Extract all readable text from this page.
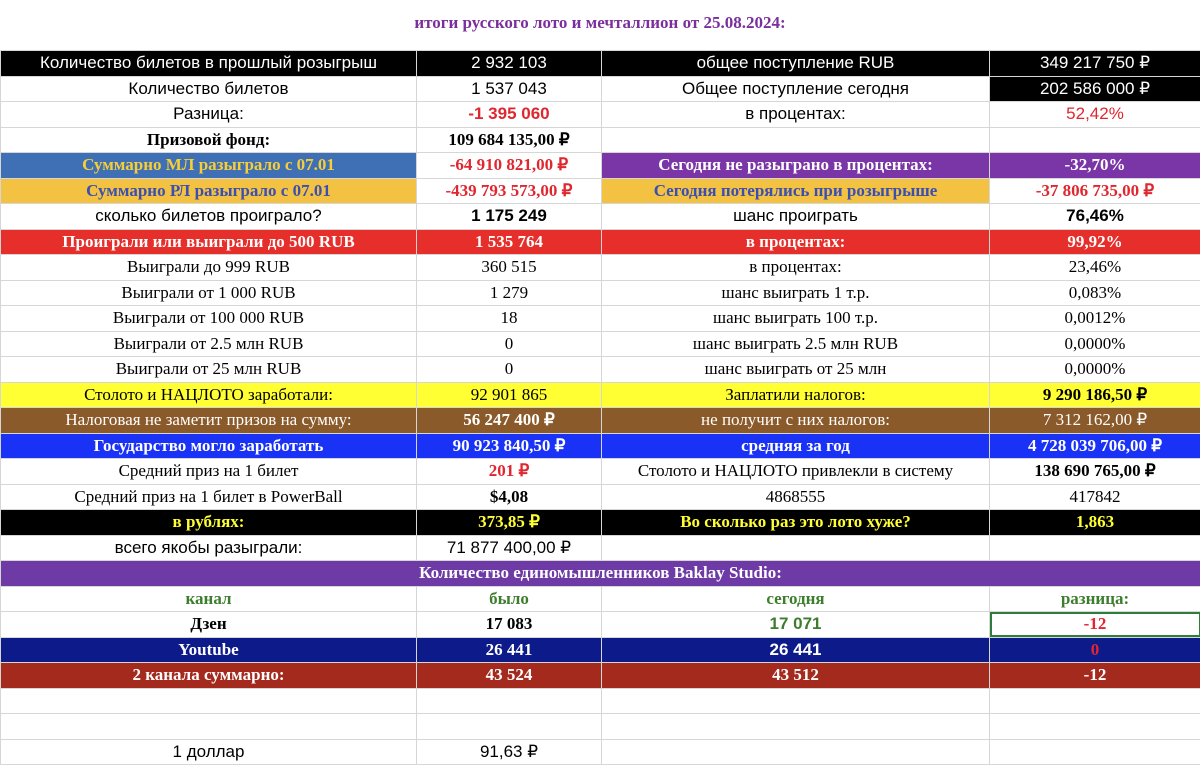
итоги русского лото и мечталлион от 25.08.2024:
Количество билетов в прошлый розыгрыш	2 932 103	общее поступление RUB	349 217 750 ₽
Количество билетов	1 537 043	Общее поступление сегодня	202 586 000 ₽
Разница:	-1 395 060	в процентах:	52,42%
Призовой фонд:	109 684 135,00 ₽		
Суммарно МЛ разыграло с 07.01	-64 910 821,00 ₽	Сегодня не разыграно в процентах:	-32,70%
Суммарно РЛ разыграло с 07.01	-439 793 573,00 ₽	Сегодня потерялись при розыгрыше	-37 806 735,00 ₽
сколько билетов проиграло?	1 175 249	шанс проиграть	76,46%
Проиграли или выиграли до 500 RUB	1 535 764	в процентах:	99,92%
Выиграли до 999 RUB	360 515	в процентах:	23,46%
Выиграли от 1 000 RUB	1 279	шанс выиграть 1 т.р.	0,083%
Выиграли от 100 000 RUB	18	шанс выиграть 100 т.р.	0,0012%
Выиграли от 2.5 млн RUB	0	шанс выиграть 2.5 млн RUB	0,0000%
Выиграли от 25 млн RUB	0	шанс выиграть от 25 млн	0,0000%
Столото и НАЦЛОТО заработали:	92 901 865	Заплатили налогов:	9 290 186,50 ₽
Налоговая не заметит призов на сумму:	56 247 400 ₽	не получит с них налогов:	7 312 162,00 ₽
Государство могло заработать	90 923 840,50 ₽	средняя за год	4 728 039 706,00 ₽
Средний приз на 1 билет	201 ₽	Столото и НАЦЛОТО привлекли в систему	138 690 765,00 ₽
Средний приз на 1 билет в PowerBall	$4,08	4868555	417842
в рублях:	373,85 ₽	Во сколько раз это лото хуже?	1,863
всего якобы разыграли:	71 877 400,00 ₽		
Количество единомышленников Baklay Studio:			
канал	было	сегодня	разница:
Дзен	17 083	17 071	-12
Youtube	26 441	26 441	0
2 канала суммарно:	43 524	43 512	-12

1 доллар	91,63 ₽		
